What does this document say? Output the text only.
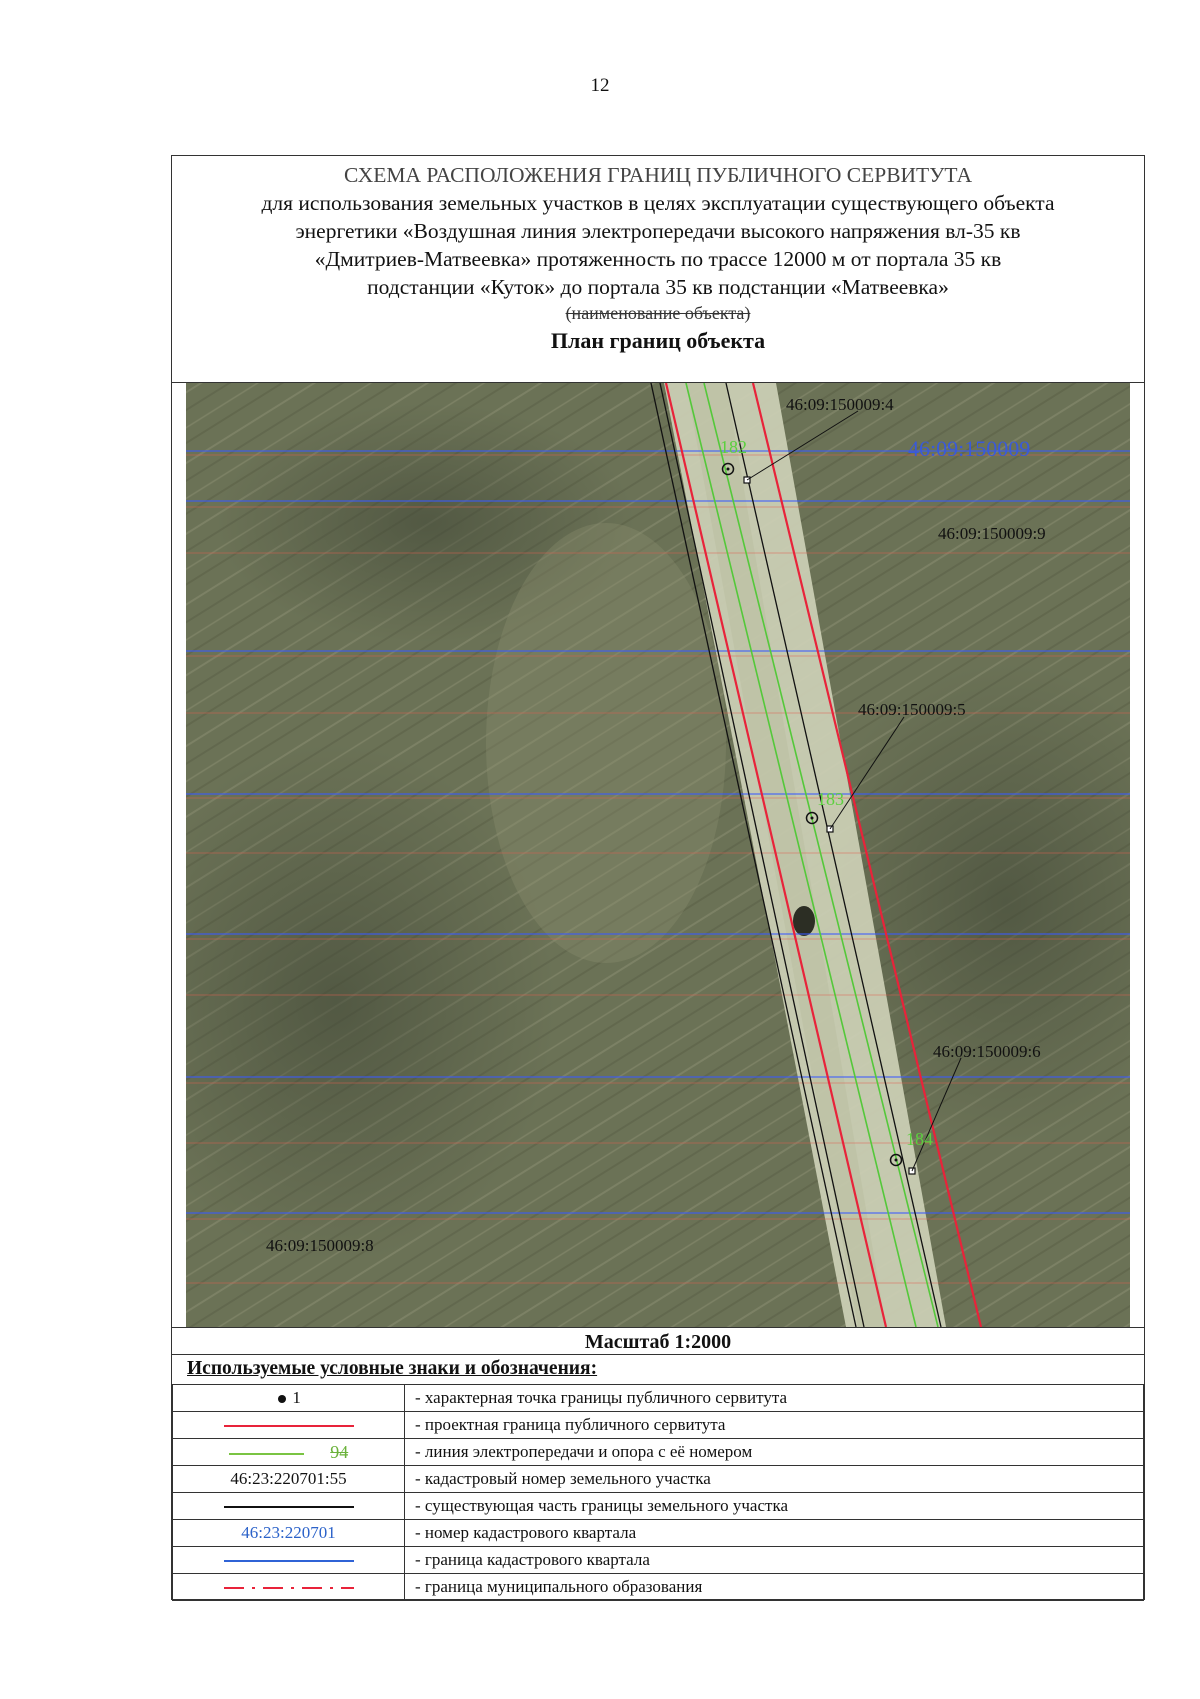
12
СХЕМА РАСПОЛОЖЕНИЯ ГРАНИЦ ПУБЛИЧНОГО СЕРВИТУТА
для использования земельных участков в целях эксплуатации существующего объекта
энергетики «Воздушная линия электропередачи высокого напряжения вл-35 кв
«Дмитриев-Матвеевка» протяженность по трассе 12000 м от портала 35 кв
подстанции «Куток» до портала 35 кв подстанции «Матвеевка»
(наименование объекта)
План границ объекта
182
183
184
46:09:150009:4
46:09:150009
46:09:150009:9
46:09:150009:5
46:09:150009:6
46:09:150009:8
Масштаб 1:2000
Используемые условные знаки и обозначения:
1	- характерная точка границы публичного сервитута
	- проектная граница публичного сервитута
94	- линия электропередачи и опора с её номером
46:23:220701:55	- кадастровый номер земельного участка
	- существующая часть границы земельного участка
46:23:220701	- номер кадастрового квартала
	- граница кадастрового квартала
	- граница муниципального образования
